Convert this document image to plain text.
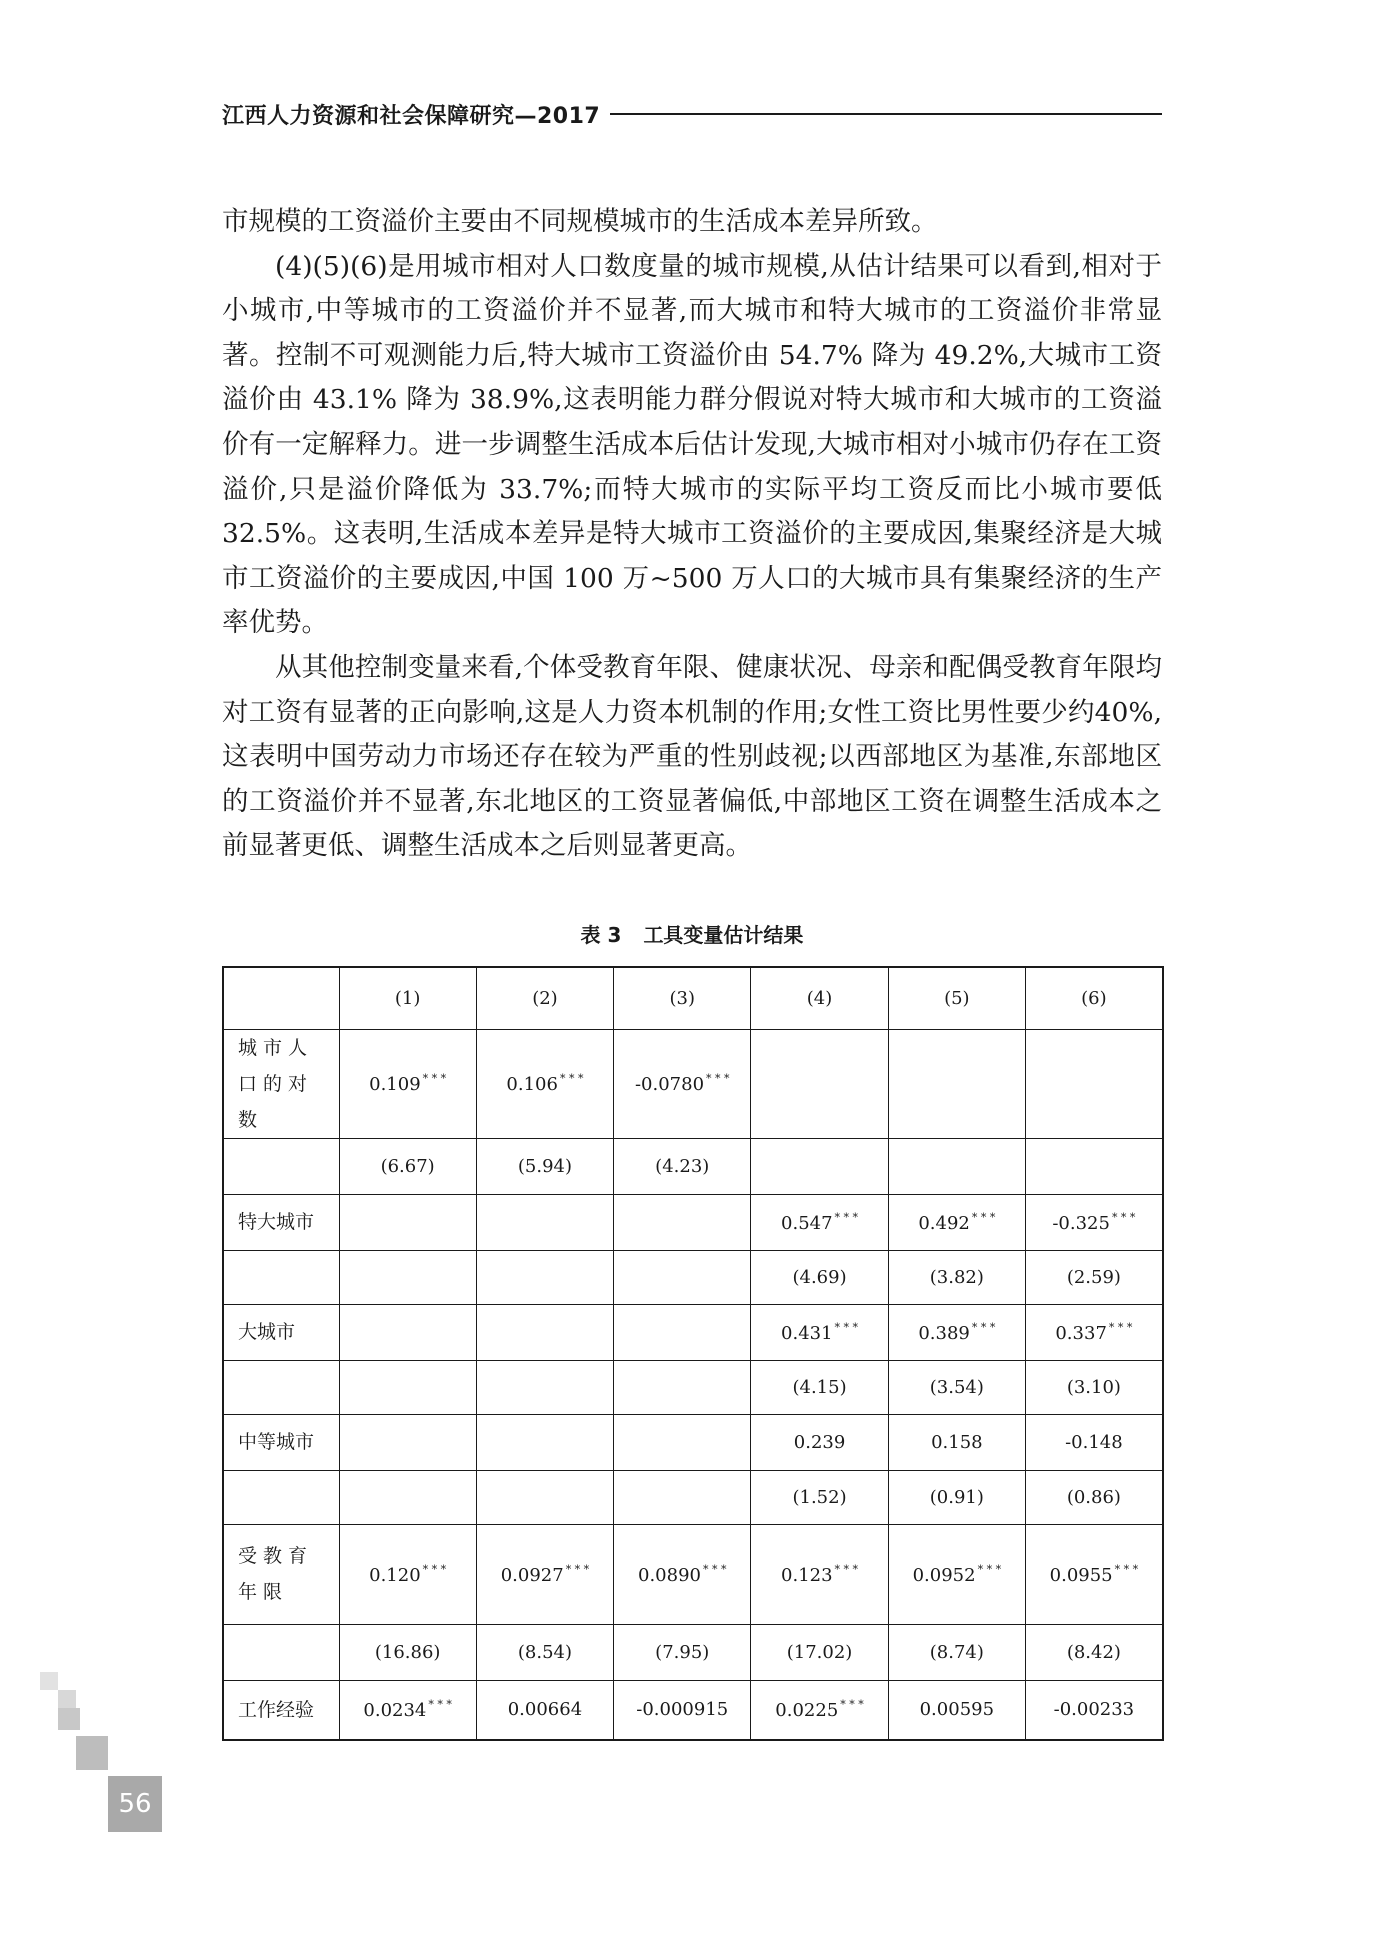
江西人力资源和社会保障研究—2017

市规模的工资溢价主要由不同规模城市的生活成本差异所致。

(4)(5)(6)是用城市相对人口数度量的城市规模,从估计结果可以看到,相对于小城市,中等城市的工资溢价并不显著,而大城市和特大城市的工资溢价非常显著。控制不可观测能力后,特大城市工资溢价由 54.7% 降为 49.2%,大城市工资溢价由 43.1% 降为 38.9%,这表明能力群分假说对特大城市和大城市的工资溢价有一定解释力。进一步调整生活成本后估计发现,大城市相对小城市仍存在工资溢价,只是溢价降低为 33.7%;而特大城市的实际平均工资反而比小城市要低 32.5%。这表明,生活成本差异是特大城市工资溢价的主要成因,集聚经济是大城市工资溢价的主要成因,中国 100 万~500 万人口的大城市具有集聚经济的生产率优势。

从其他控制变量来看,个体受教育年限、健康状况、母亲和配偶受教育年限均对工资有显著的正向影响,这是人力资本机制的作用;女性工资比男性要少约40%,这表明中国劳动力市场还存在较为严重的性别歧视;以西部地区为基准,东部地区的工资溢价并不显著,东北地区的工资显著偏低,中部地区工资在调整生活成本之前显著更低、调整生活成本之后则显著更高。

表 3 工具变量估计结果
	(1)	(2)	(3)	(4)	(5)	(6)
城市人口的对数	0.109 * * *	0.106 * * *	-0.0780 * * *			
	(6.67)	(5.94)	(4.23)			
特大城市				0.547 * * *	0.492 * * *	-0.325 * * *
				(4.69)	(3.82)	(2.59)
大城市				0.431 * * *	0.389 * * *	0.337 * * *
				(4.15)	(3.54)	(3.10)
中等城市				0.239	0.158	-0.148
				(1.52)	(0.91)	(0.86)
受教育年限	0.120 * * *	0.0927 * * *	0.0890 * * *	0.123 * * *	0.0952 * * *	0.0955 * * *
	(16.86)	(8.54)	(7.95)	(17.02)	(8.74)	(8.42)
工作经验	0.0234 * * *	0.00664	-0.000915	0.0225 * * *	0.00595	-0.00233
56
